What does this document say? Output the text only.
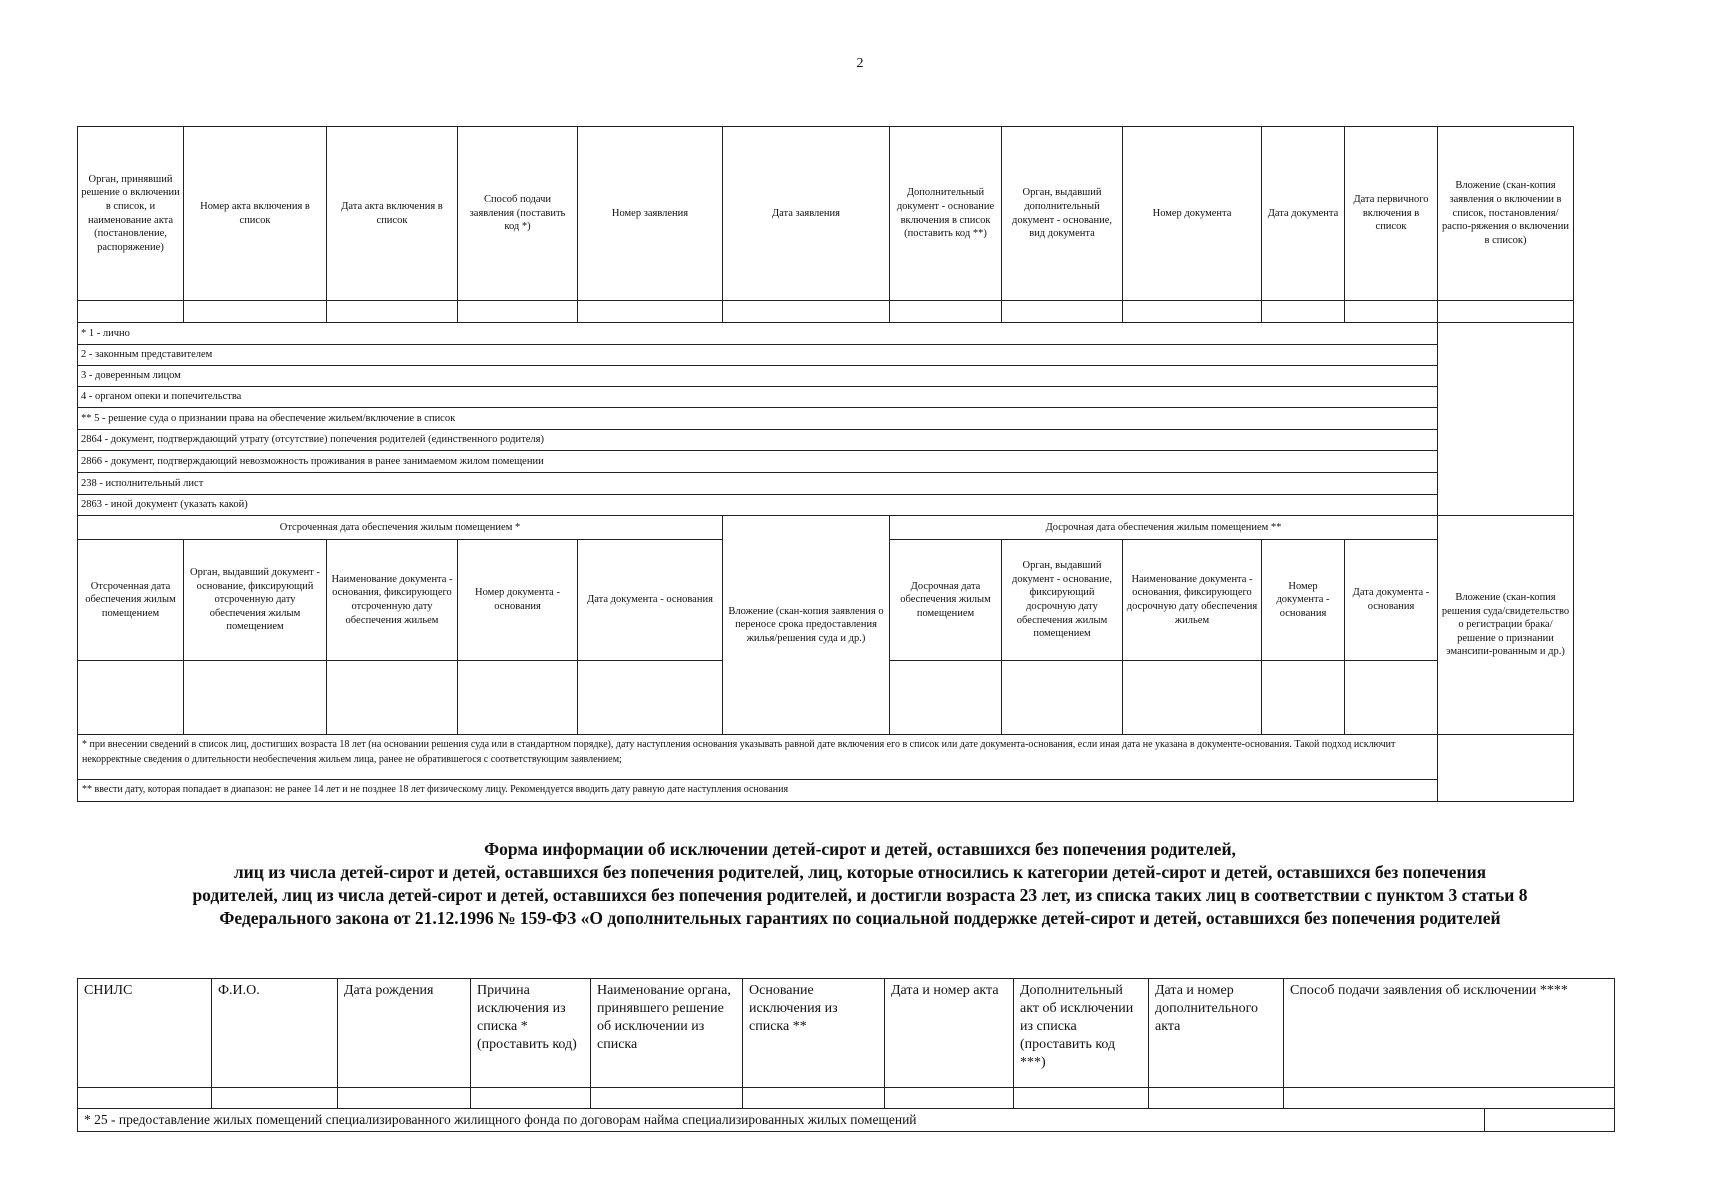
2
Орган, принявший решение о включении в список, и наименование акта (постановление, распоряжение)	Номер акта включения в список	Дата акта включения в список	Способ подачи заявления (поставить код *)	Номер заявления	Дата заявления	Дополнительный документ - основание включения в список (поставить код **)	Орган, выдавший дополнительный документ - основание, вид документа	Номер документа	Дата документа	Дата первичного включения в список	Вложение (скан-копия заявления о включении в список, постановления/распо-ряжения о включении в список)

* 1 - лично											
2 - законным представителем											
3 - доверенным лицом											
4 - органом опеки и попечительства											
** 5 - решение суда о признании права на обеспечение жильем/включение в список											
2864 - документ, подтверждающий утрату (отсутствие) попечения родителей (единственного родителя)											
2866 - документ, подтверждающий невозможность проживания в ранее занимаемом жилом помещении											
238 - исполнительный лист											
2863 - иной документ (указать какой)											
Отсроченная дата обеспечения жилым помещением *					Вложение (скан-копия заявления о переносе срока предоставления жилья/решения суда и др.)	Досрочная дата обеспечения жилым помещением **					Вложение (скан-копия решения суда/свидетельство о регистрации брака/решение о признании эмансипи-рованным и др.)
Отсроченная дата обеспечения жилым помещением	Орган, выдавший документ - основание, фиксирующий отсроченную дату обеспечения жилым помещением	Наименование документа - основания, фиксирующего отсроченную дату обеспечения жильем	Номер документа - основания	Дата документа - основания		Досрочная дата обеспечения жилым помещением	Орган, выдавший документ - основание, фиксирующий досрочную дату обеспечения жилым помещением	Наименование документа - основания, фиксирующего досрочную дату обеспечения жильем	Номер документа - основания	Дата документа - основания	

* при внесении сведений в список лиц, достигших возраста 18 лет (на основании решения суда или в стандартном порядке), дату наступления основания указывать равной дате включения его в список или дате документа-основания, если иная дата не указана в документе-основания. Такой подход исключит некорректные сведения о длительности необеспечения жильем лица, ранее не обратившегося с соответствующим заявлением;											
** ввести дату, которая попадает в диапазон: не ранее 14 лет и не позднее 18 лет физическому лицу. Рекомендуется вводить дату равную дате наступления основания											
Форма информации об исключении детей-сирот и детей, оставшихся без попечения родителей,
лиц из числа детей-сирот и детей, оставшихся без попечения родителей, лиц, которые относились к категории детей-сирот и детей, оставшихся без попечения
родителей, лиц из числа детей-сирот и детей, оставшихся без попечения родителей, и достигли возраста 23 лет, из списка таких лиц в соответствии с пунктом 3 статьи 8
Федерального закона от 21.12.1996 № 159-ФЗ «О дополнительных гарантиях по социальной поддержке детей-сирот и детей, оставшихся без попечения родителей
СНИЛС	Ф.И.О.	Дата рождения	Причина исключения из списка * (проставить код)	Наименование органа, принявшего решение об исключении из списка	Основание исключения из списка **	Дата и номер акта	Дополнительный акт об исключении из списка (проставить код ***)	Дата и номер дополнительного акта	Способ подачи заявления об исключении ****	

* 25 - предоставление жилых помещений специализированного жилищного фонда по договорам найма специализированных жилых помещений										
